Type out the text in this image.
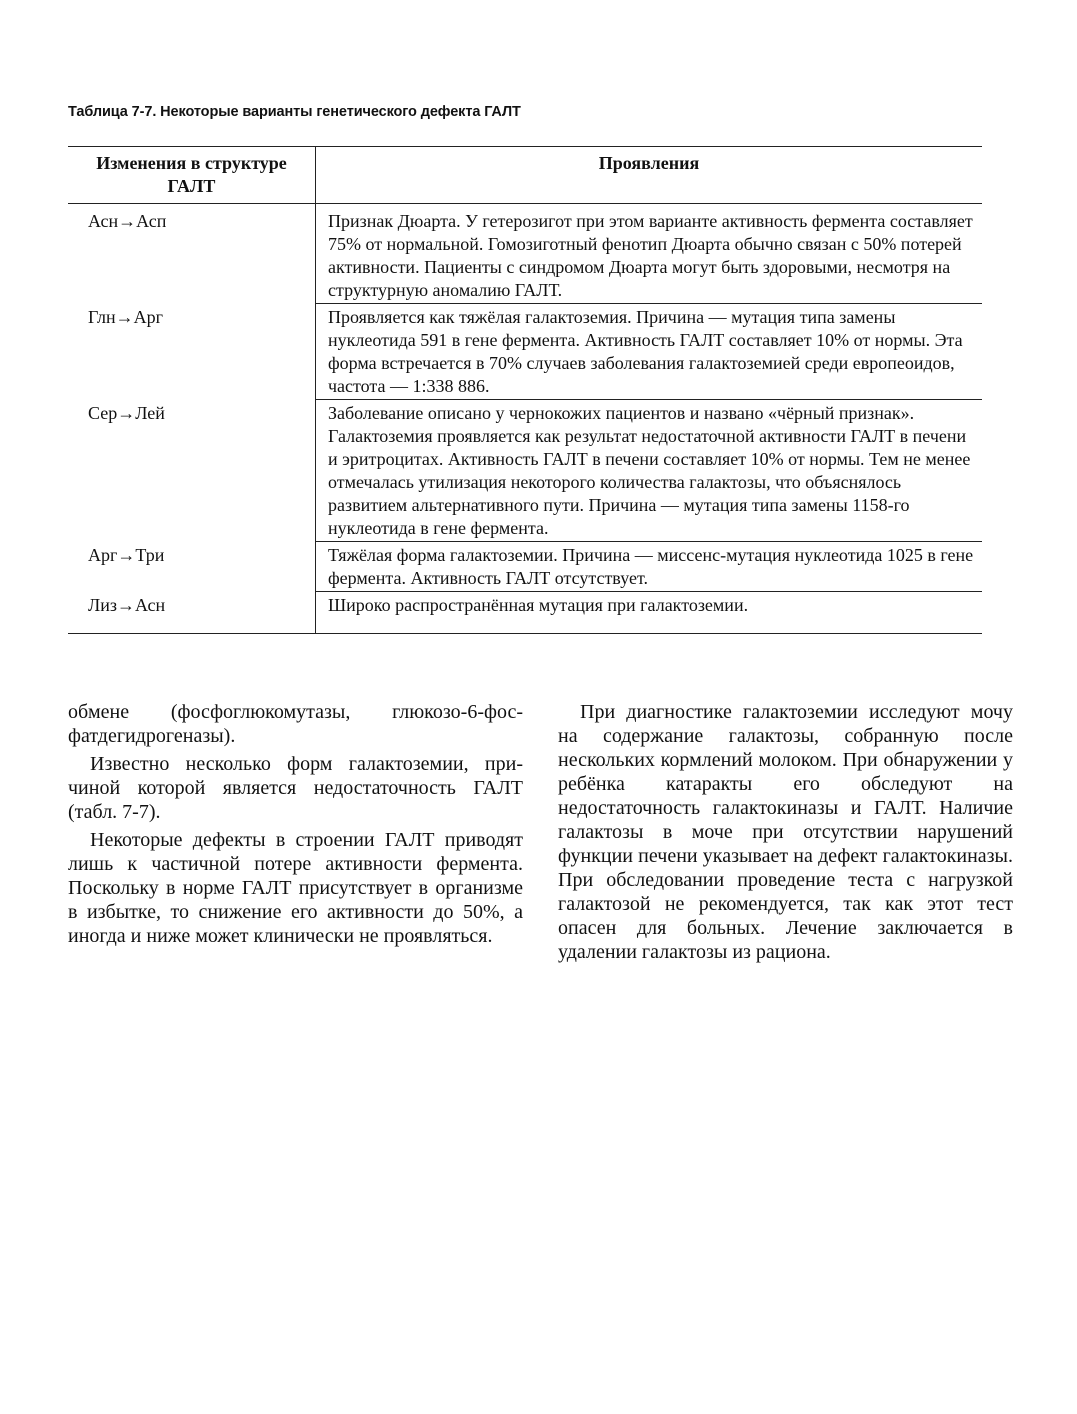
Таблица 7-7. Некоторые варианты генетического дефекта ГАЛТ
Изменения в структуре ГАЛТ	Проявления
Асн→Асп	Признак Дюарта. У гетерозигот при этом варианте активность фермента составляет 75% от нормальной. Гомозиготный фенотип Дюарта обычно связан с 50% потерей активности. Пациенты с синдромом Дюарта могут быть здоровыми, несмотря на структурную аномалию ГАЛТ.
Глн→Арг	Проявляется как тяжёлая галактоземия. Причина — мутация типа замены нуклеотида 591 в гене фермента. Активность ГАЛТ составляет 10% от нормы. Эта форма встречается в 70% случаев заболевания галактоземией среди европеоидов, частота — 1:338 886.
Сер→Лей	Заболевание описано у чернокожих пациентов и названо «чёрный признак». Галактоземия проявляется как результат недостаточной активности ГАЛТ в печени и эритроцитах. Активность ГАЛТ в печени составляет 10% от нормы. Тем не менее отмечалась утилизация некоторого количества галактозы, что объяснялось развитием альтернативного пути. Причина — мутация типа замены 1158-го нуклеотида в гене фермента.
Арг→Три	Тяжёлая форма галактоземии. Причина — миссенс-мутация нуклеотида 1025 в гене фермента. Активность ГАЛТ отсутствует.
Лиз→Асн	Широко распространённая мутация при галактоземии.

обмене (фосфоглюкомутазы, глюкозо-6-фосфатдегидрогеназы).

Известно несколько форм галактоземии, причиной которой является недостаточность ГАЛТ (табл. 7-7).

Некоторые дефекты в строении ГАЛТ приводят лишь к частичной потере активности фермента. Поскольку в норме ГАЛТ присутствует в организме в избытке, то снижение его активности до 50%, а иногда и ниже может клинически не проявляться.

При диагностике галактоземии исследуют мочу на содержание галактозы, собранную после нескольких кормлений молоком. При обнаружении у ребёнка катаракты его обследуют на недостаточность галактокиназы и ГАЛТ. Наличие галактозы в моче при отсутствии нарушений функции печени указывает на дефект галактокиназы. При обследовании проведение теста с нагрузкой галактозой не рекомендуется, так как этот тест опасен для больных. Лечение заключается в удалении галактозы из рациона.
